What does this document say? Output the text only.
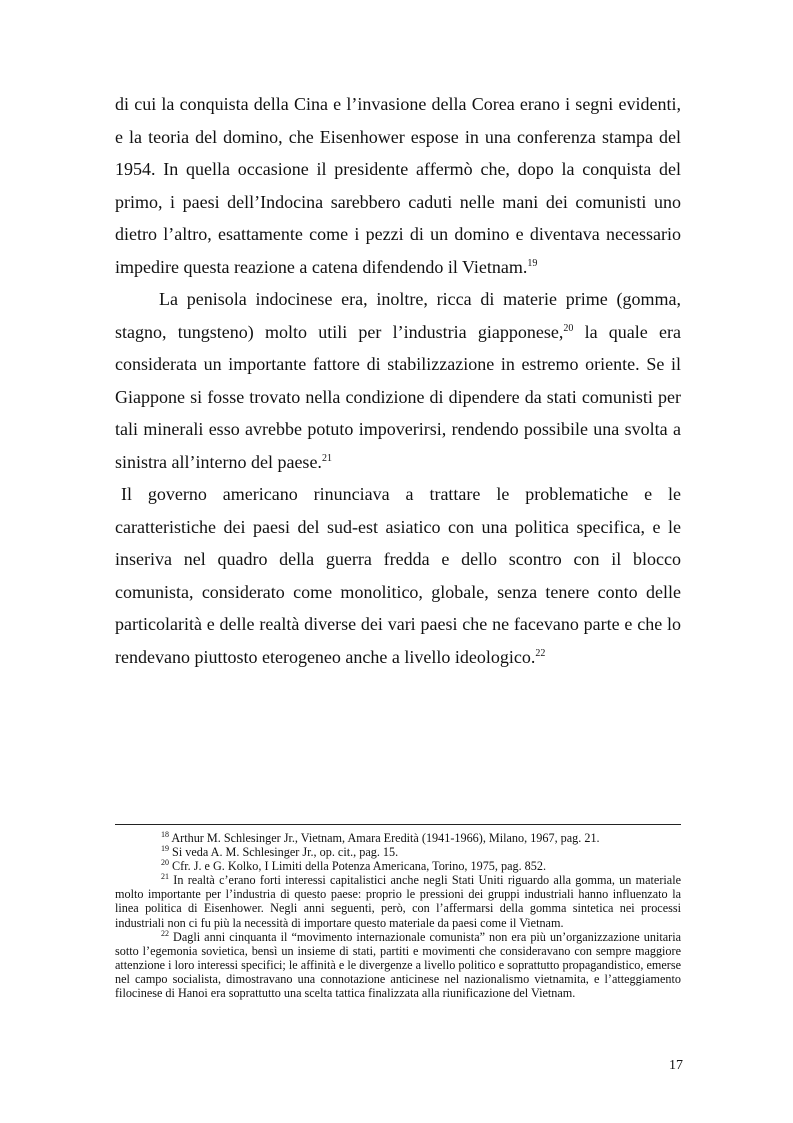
di cui la conquista della Cina e l’invasione della Corea erano i segni evidenti, e la teoria del domino, che Eisenhower espose in una conferenza stampa del 1954. In quella occasione il presidente affermò che, dopo la conquista del primo, i paesi dell’Indocina sarebbero caduti nelle mani dei comunisti uno dietro l’altro, esattamente come i pezzi di un domino e diventava necessario impedire questa reazione a catena difendendo il Vietnam.$^{19}$

La penisola indocinese era, inoltre, ricca di materie prime (gomma, stagno, tungsteno) molto utili per l’industria giapponese,$^{20}$ la quale era considerata un importante fattore di stabilizzazione in estremo oriente. Se il Giappone si fosse trovato nella condizione di dipendere da stati comunisti per tali minerali esso avrebbe potuto impoverirsi, rendendo possibile una svolta a sinistra all’interno del paese.$^{21}$

Il governo americano rinunciava a trattare le problematiche e le caratteristiche dei paesi del sud-est asiatico con una politica specifica, e le inseriva nel quadro della guerra fredda e dello scontro con il blocco comunista, considerato come monolitico, globale, senza tenere conto delle particolarità e delle realtà diverse dei vari paesi che ne facevano parte e che lo rendevano piuttosto eterogeneo anche a livello ideologico.$^{22}$

$^{18}$ Arthur M. Schlesinger Jr., Vietnam, Amara Eredità (1941-1966), Milano, 1967, pag. 21.

$^{19}$ Si veda A. M. Schlesinger Jr., op. cit., pag. 15.

$^{20}$ Cfr. J. e G. Kolko, I Limiti della Potenza Americana, Torino, 1975, pag. 852.

$^{21}$ In realtà c’erano forti interessi capitalistici anche negli Stati Uniti riguardo alla gomma, un materiale molto importante per l’industria di questo paese: proprio le pressioni dei gruppi industriali hanno influenzato la linea politica di Eisenhower. Negli anni seguenti, però, con l’affermarsi della gomma sintetica nei processi industriali non ci fu più la necessità di importare questo materiale da paesi come il Vietnam.

$^{22}$ Dagli anni cinquanta il “movimento internazionale comunista” non era più un’organizzazione unitaria sotto l’egemonia sovietica, bensì un insieme di stati, partiti e movimenti che consideravano con sempre maggiore attenzione i loro interessi specifici; le affinità e le divergenze a livello politico e soprattutto propagandistico, emerse nel campo socialista, dimostravano una connotazione anticinese nel nazionalismo vietnamita, e l’atteggiamento filocinese di Hanoi era soprattutto una scelta tattica finalizzata alla riunificazione del Vietnam.

17
